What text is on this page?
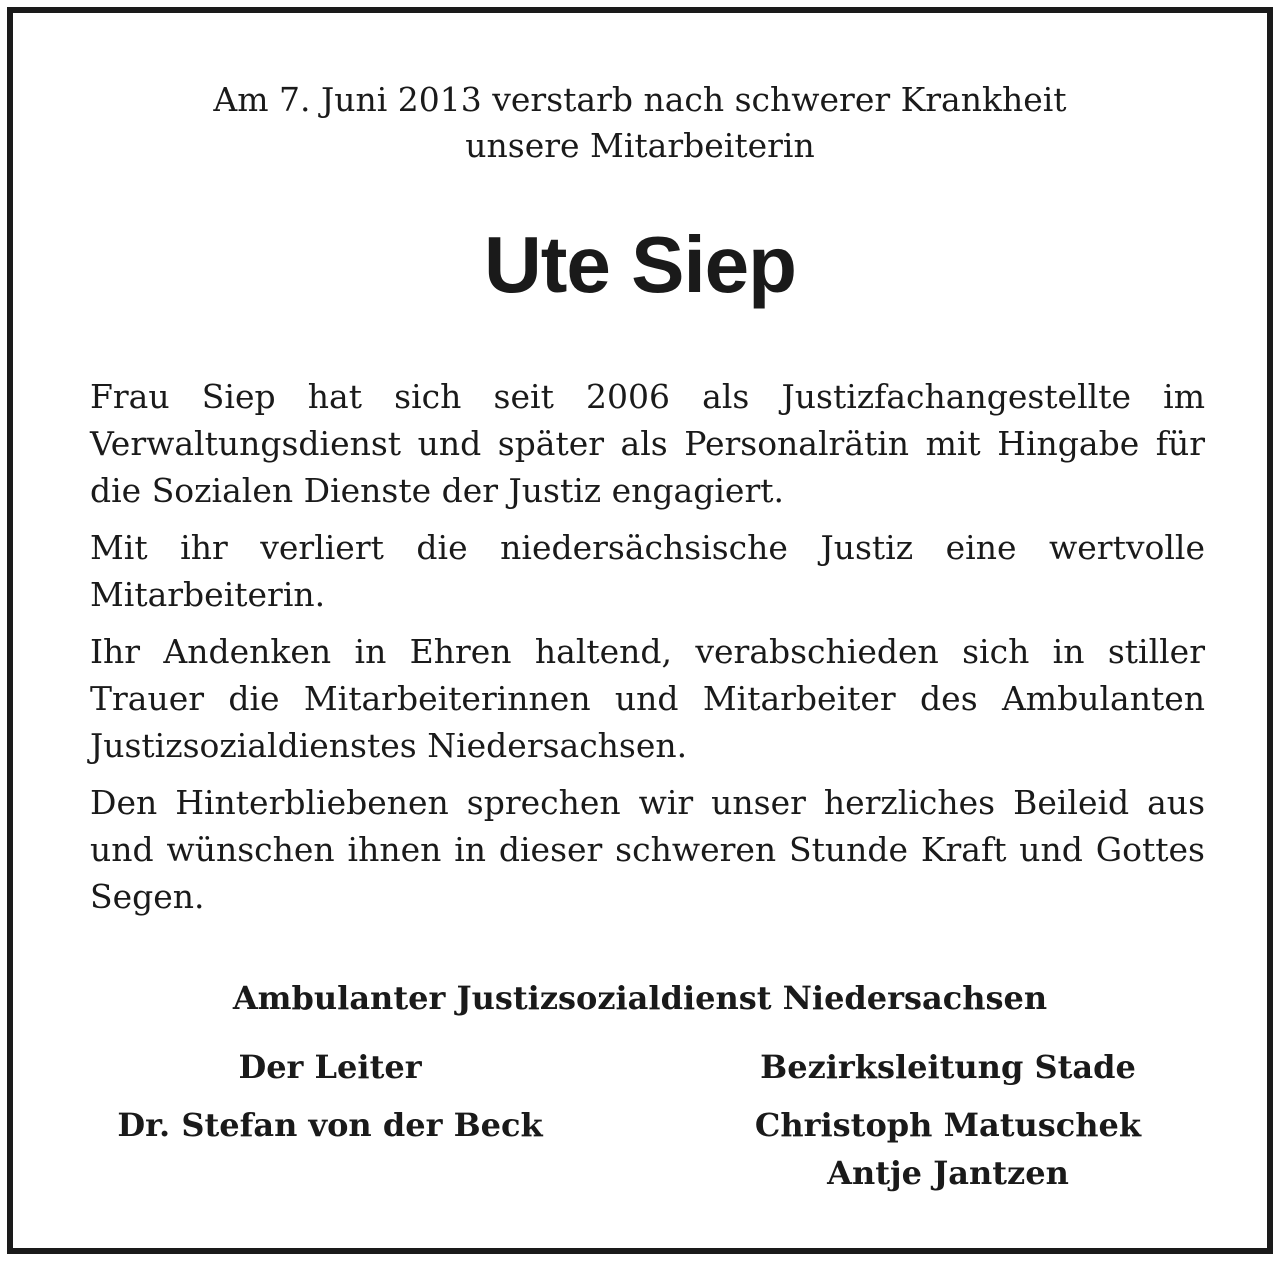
Am 7. Juni 2013 verstarb nach schwerer Krankheit
unsere Mitarbeiterin
Ute Siep

Frau Siep hat sich seit 2006 als Justizfachangestellte im Verwaltungsdienst und später als Personalrätin mit Hingabe für die Sozialen Dienste der Justiz engagiert.

Mit ihr verliert die niedersächsische Justiz eine wertvolle Mitarbeiterin.

Ihr Andenken in Ehren haltend, verabschieden sich in stiller Trauer die Mitarbeiterinnen und Mitarbeiter des Ambulanten Justizsozialdienstes Niedersachsen.

Den Hinterbliebenen sprechen wir unser herzliches Beileid aus und wünschen ihnen in dieser schweren Stunde Kraft und Gottes Segen.

Ambulanter Justizsozialdienst Niedersachsen
Der Leiter
Dr. Stefan von der Beck
Bezirksleitung Stade
Christoph Matuschek
Antje Jantzen
